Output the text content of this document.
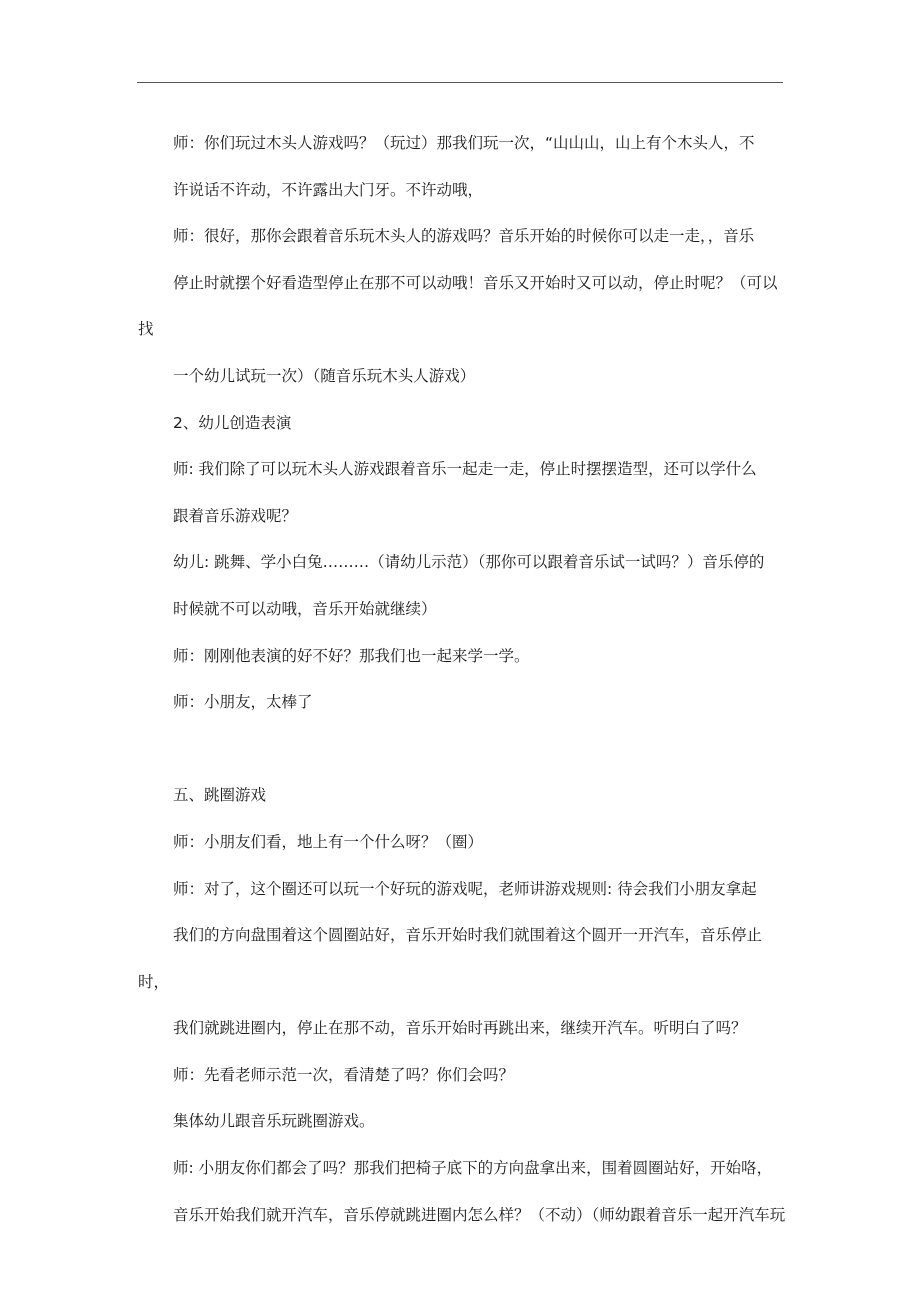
师：你们玩过木头人游戏吗？（玩过）那我们玩一次，“山山山，山上有个木头人，不
许说话不许动，不许露出大门牙。不许动哦，

师：很好，那你会跟着音乐玩木头人的游戏吗？音乐开始的时候你可以走一走，，音乐
停止时就摆个好看造型停止在那不可以动哦！音乐又开始时又可以动，停止时呢？（可以找
一个幼儿试玩一次）（随音乐玩木头人游戏）

2、幼儿创造表演

师: 我们除了可以玩木头人游戏跟着音乐一起走一走，停止时摆摆造型，还可以学什么
跟着音乐游戏呢？

幼儿: 跳舞、学小白兔………（请幼儿示范）（那你可以跟着音乐试一试吗？）音乐停的
时候就不可以动哦，音乐开始就继续）

师：刚刚他表演的好不好？那我们也一起来学一学。

师：小朋友，太棒了

五、跳圈游戏

师：小朋友们看，地上有一个什么呀？（圈）

师：对了，这个圈还可以玩一个好玩的游戏呢，老师讲游戏规则: 待会我们小朋友拿起
我们的方向盘围着这个圆圈站好，音乐开始时我们就围着这个圆开一开汽车，音乐停止时，
我们就跳进圈内，停止在那不动，音乐开始时再跳出来，继续开汽车。听明白了吗？

师：先看老师示范一次，看清楚了吗？你们会吗？

集体幼儿跟音乐玩跳圈游戏。

师: 小朋友你们都会了吗？那我们把椅子底下的方向盘拿出来，围着圆圈站好，开始咯，
音乐开始我们就开汽车，音乐停就跳进圈内怎么样？（不动）（师幼跟着音乐一起开汽车玩
